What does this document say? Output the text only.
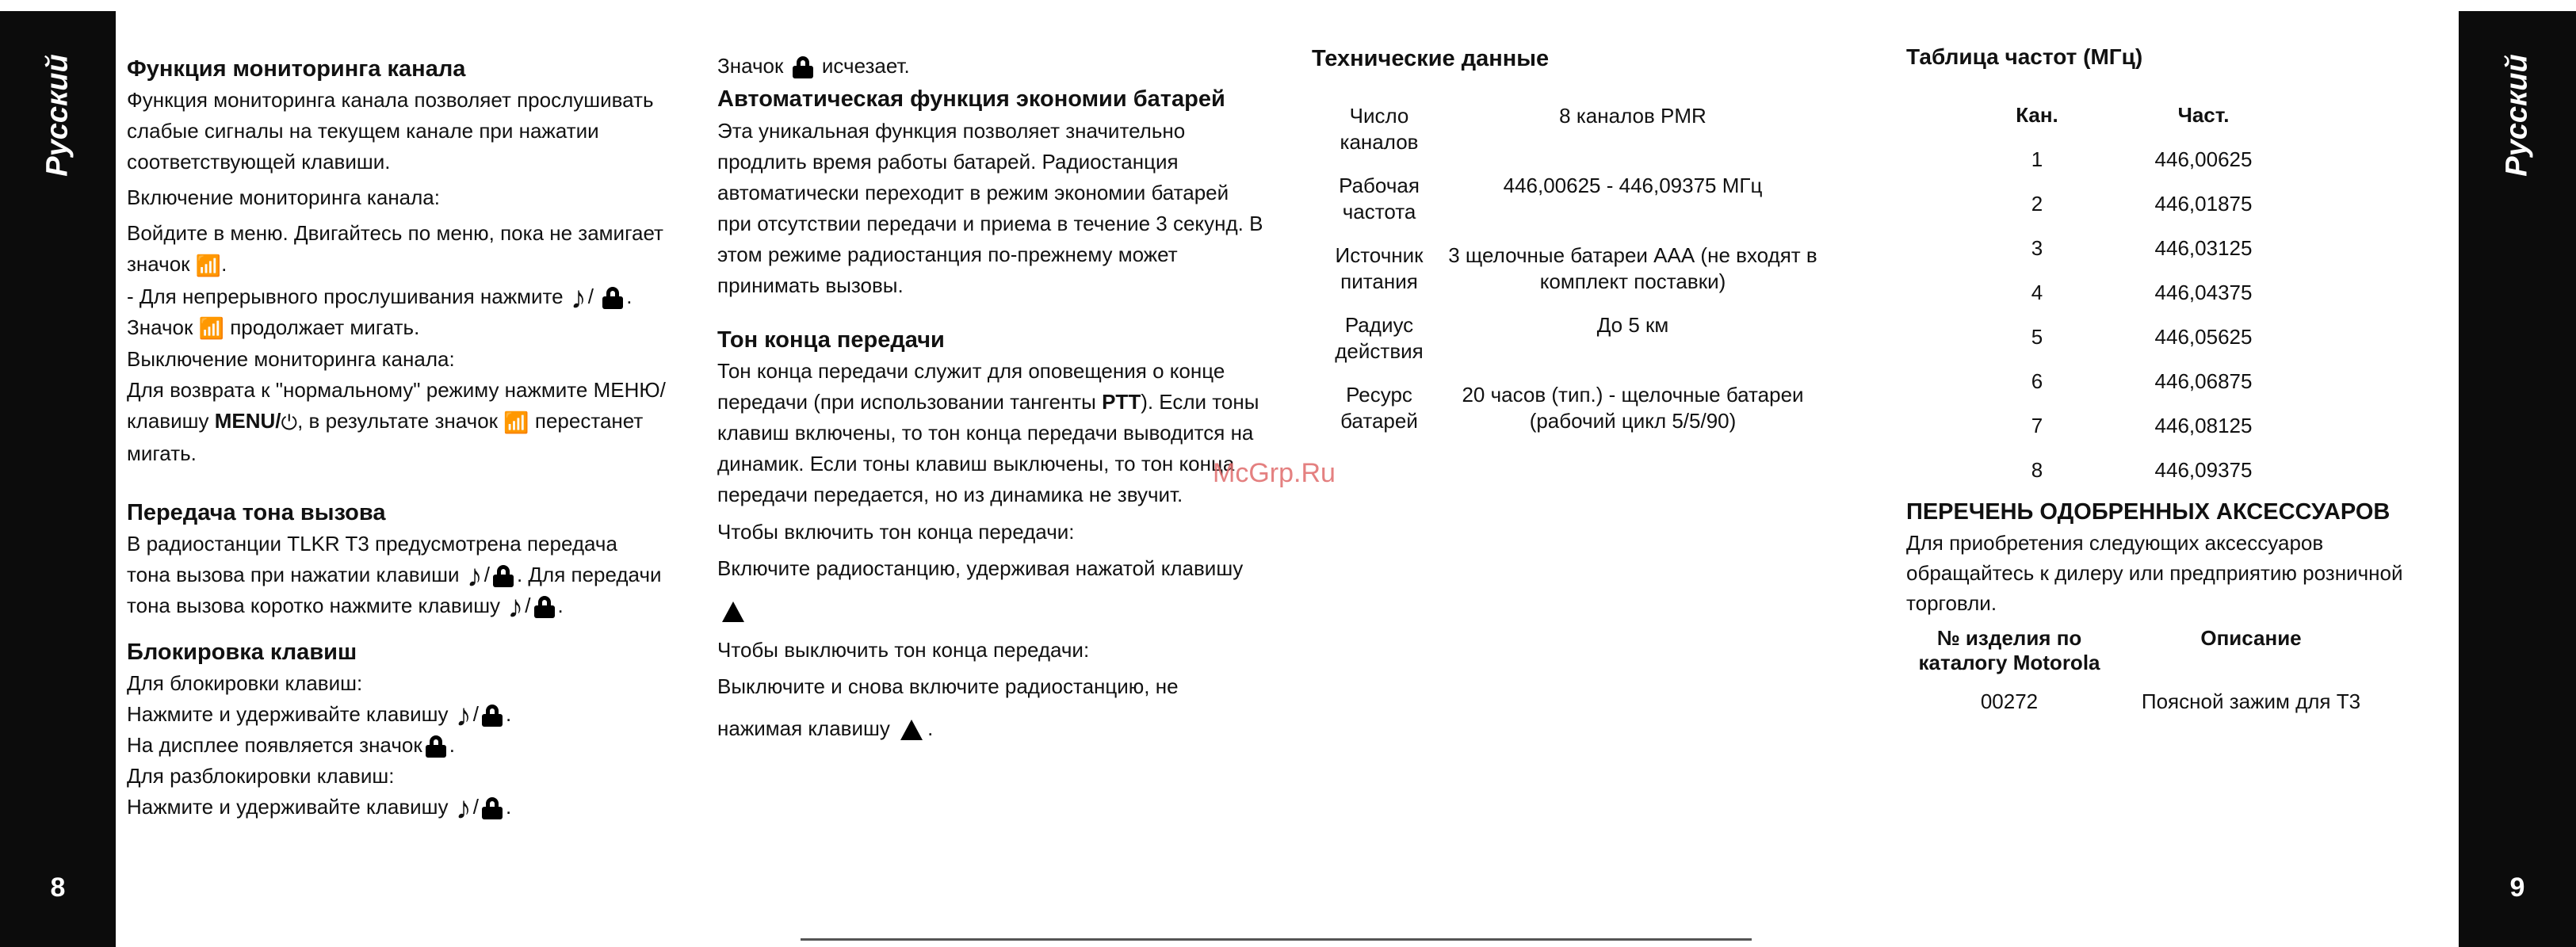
Русский
8
Русский
9

Функция мониторинга канала

Функция мониторинга канала позволяет прослушивать слабые сигналы на текущем канале при нажатии соответствующей клавиши.

Включение мониторинга канала:

Войдите в меню. Двигайтесь по меню, пока не замигает значок 📶.

- Для непрерывного прослушивания нажмите ♪/ . Значок 📶 продолжает мигать.

Выключение мониторинга канала:

Для возврата к "нормальному" режиму нажмите МЕНЮ/клавишу MENU/⏻, в результате значок 📶 перестанет мигать.

Передача тона вызова

В радиостанции TLKR T3 предусмотрена передача тона вызова при нажатии клавиши ♪/ . Для передачи тона вызова коротко нажмите клавишу ♪/ .

Блокировка клавиш

Для блокировки клавиш:

Нажмите и удерживайте клавишу ♪/ .

На дисплее появляется значок .

Для разблокировки клавиш:

Нажмите и удерживайте клавишу ♪/ .

Значок исчезает.

Автоматическая функция экономии батарей

Эта уникальная функция позволяет значительно продлить время работы батарей. Радиостанция автоматически переходит в режим экономии батарей при отсутствии передачи и приема в течение 3 секунд. В этом режиме радиостанция по-прежнему может принимать вызовы.

Тон конца передачи

Тон конца передачи служит для оповещения о конце передачи (при использовании тангенты PTT). Если тоны клавиш включены, то тон конца передачи выводится на динамик. Если тоны клавиш выключены, то тон конца передачи передается, но из динамика не звучит.

Чтобы включить тон конца передачи:

Включите радиостанцию, удерживая нажатой клавишу

Чтобы выключить тон конца передачи:

Выключите и снова включите радиостанцию, не нажимая клавишу .

Технические данные

Число каналов	8 каналов PMR
Рабочая частота	446,00625 - 446,09375 МГц
Источник питания	3 щелочные батареи ААА (не входят в комплект поставки)
Радиус действия	До 5 км
Ресурс батарей	20 часов (тип.) - щелочные батареи (рабочий цикл 5/5/90)

Таблица частот (МГц)

Кан.	Част.
1	446,00625
2	446,01875
3	446,03125
4	446,04375
5	446,05625
6	446,06875
7	446,08125
8	446,09375

ПЕРЕЧЕНЬ ОДОБРЕННЫХ АКСЕССУАРОВ

Для приобретения следующих аксессуаров обращайтесь к дилеру или предприятию розничной торговли.

№ изделия по каталогу Motorola	Описание
00272	Поясной зажим для Т3
McGrp.Ru
